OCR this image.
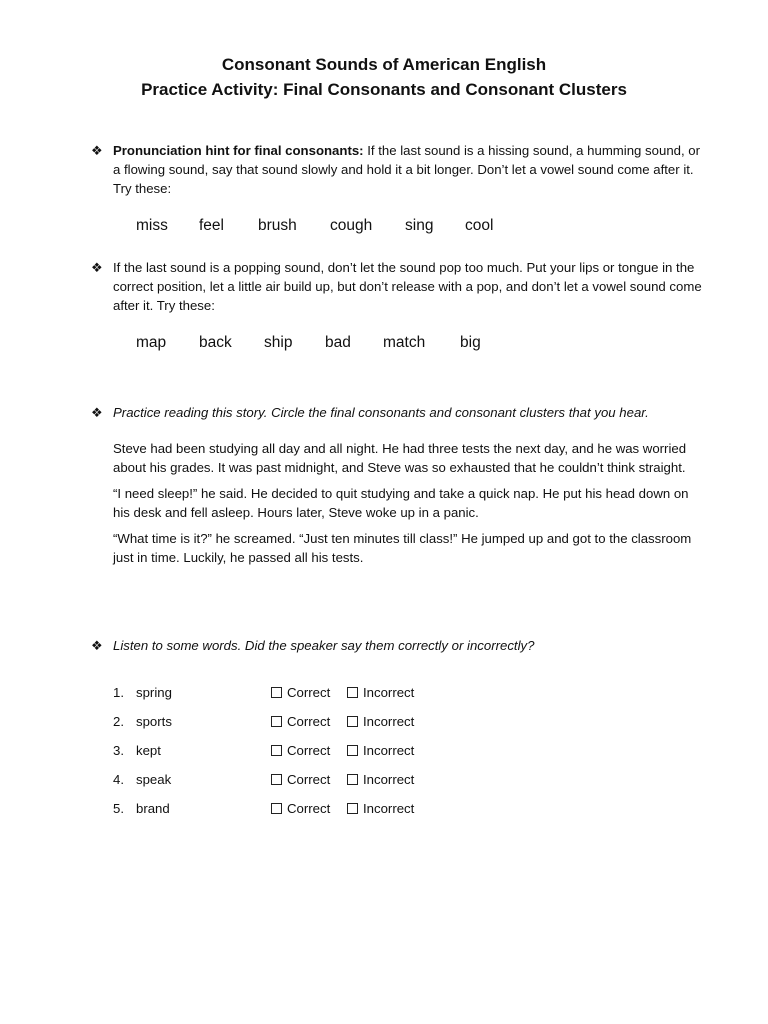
Consonant Sounds of American English
Practice Activity: Final Consonants and Consonant Clusters
❖ Pronunciation hint for final consonants: If the last sound is a hissing sound, a humming sound, or a flowing sound, say that sound slowly and hold it a bit longer. Don’t let a vowel sound come after it. Try these:

miss feel brush cough sing cool
❖ If the last sound is a popping sound, don’t let the sound pop too much. Put your lips or tongue in the correct position, let a little air build up, but don’t release with a pop, and don’t let a vowel sound come after it. Try these:

map back ship bad match big
❖ Practice reading this story. Circle the final consonants and consonant clusters that you hear.

Steve had been studying all day and all night. He had three tests the next day, and he was worried about his grades. It was past midnight, and Steve was so exhausted that he couldn’t think straight.

“I need sleep!” he said. He decided to quit studying and take a quick nap. He put his head down on his desk and fell asleep. Hours later, Steve woke up in a panic.

“What time is it?” he screamed. “Just ten minutes till class!” He jumped up and got to the classroom just in time. Luckily, he passed all his tests.

❖ Listen to some words. Did the speaker say them correctly or incorrectly?
1. spring	Correct	Incorrect
2. sports	Correct	Incorrect
3. kept	Correct	Incorrect
4. speak	Correct	Incorrect
5. brand	Correct	Incorrect
